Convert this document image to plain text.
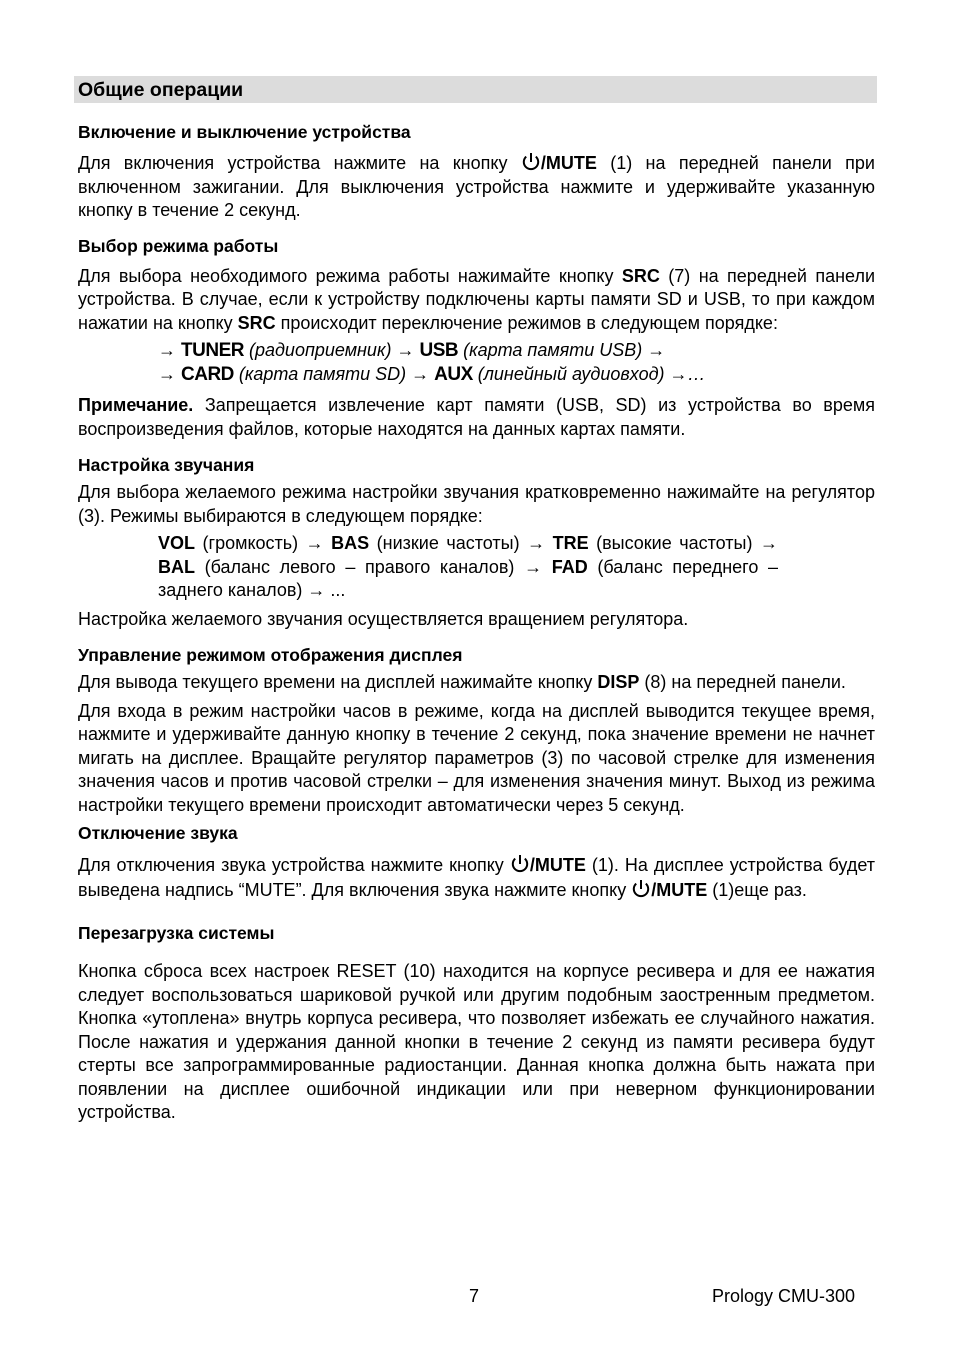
Общие операции
Включение и выключение устройства

Для включения устройства нажмите на кнопку /MUTE (1) на передней панели при включенном зажигании. Для выключения устройства нажмите и удерживайте указанную кнопку в течение 2 секунд.

Выбор режима работы

Для выбора необходимого режима работы нажимайте кнопку SRC (7) на передней панели устройства. В случае, если к устройству подключены карты памяти SD и USB, то при каждом нажатии на кнопку SRC происходит переключение режимов в следующем порядке:

→ TUNER (радиоприемник) → USB (карта памяти USB) →
→ CARD (карта памяти SD) → AUX (линейный аудиовход) →…

Примечание. Запрещается извлечение карт памяти (USB, SD) из устройства во время воспроизведения файлов, которые находятся на данных картах памяти.

Настройка звучания

Для выбора желаемого режима настройки звучания кратковременно нажимайте на регулятор (3). Режимы выбираются в следующем порядке:

VOL (громкость) → BAS (низкие частоты) → TRE (высокие частоты) → BAL (баланс левого – правого каналов) → FAD (баланс переднего – заднего каналов) → ...

Настройка желаемого звучания осуществляется вращением регулятора.

Управление режимом отображения дисплея

Для вывода текущего времени на дисплей нажимайте кнопку DISP (8) на передней панели.

Для входа в режим настройки часов в режиме, когда на дисплей выводится текущее время, нажмите и удерживайте данную кнопку в течение 2 секунд, пока значение времени не начнет мигать на дисплее. Вращайте регулятор параметров (3) по часовой стрелке для изменения значения часов и против часовой стрелки – для изменения значения минут. Выход из режима настройки текущего времени происходит автоматически через 5 секунд.

Отключение звука

Для отключения звука устройства нажмите кнопку /MUTE (1). На дисплее устройства будет выведена надпись “MUTE”. Для включения звука нажмите кнопку /MUTE (1)еще раз.

Перезагрузка системы

Кнопка сброса всех настроек RESET (10) находится на корпусе ресивера и для ее нажатия следует воспользоваться шариковой ручкой или другим подобным заостренным предметом. Кнопка «утоплена» внутрь корпуса ресивера, что позволяет избежать ее случайного нажатия. После нажатия и удержания данной кнопки в течение 2 секунд из памяти ресивера будут стерты все запрограммированные радиостанции. Данная кнопка должна быть нажата при появлении на дисплее ошибочной индикации или при неверном функционировании устройства.

7	Prology CMU-300
